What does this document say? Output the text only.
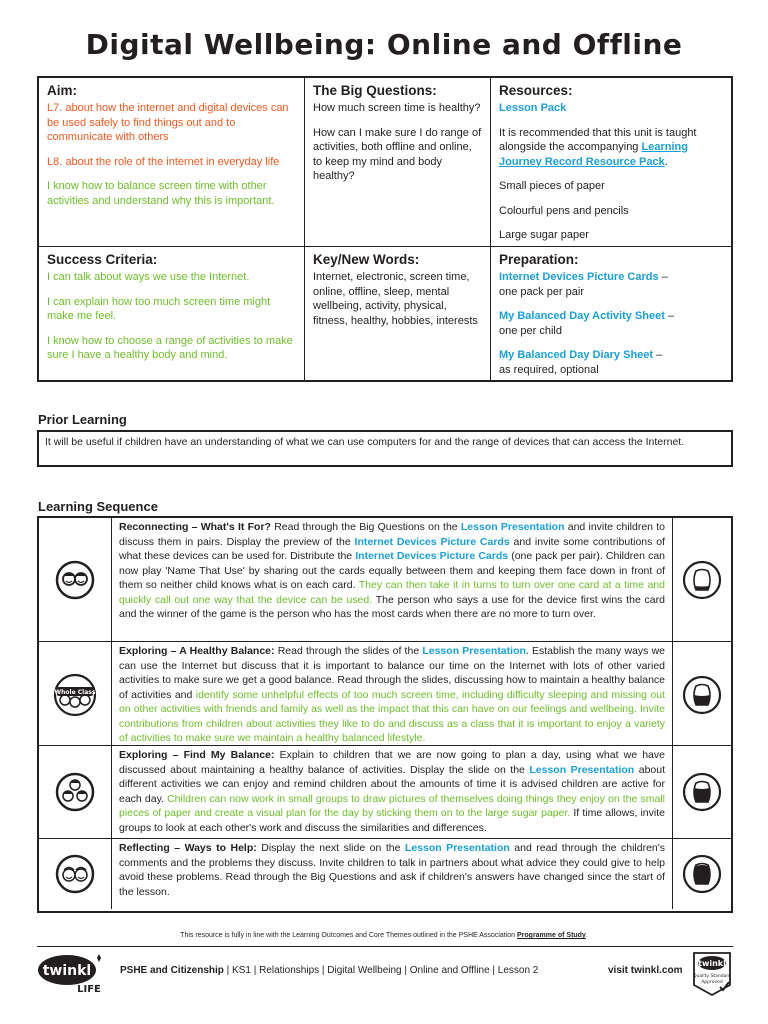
Digital Wellbeing: Online and Offline
Aim:

L7. about how the internet and digital devices can be used safely to find things out and to communicate with others

L8. about the role of the internet in everyday life

I know how to balance screen time with other activities and understand why this is important.

The Big Questions:

How much screen time is healthy?

How can I make sure I do range of activities, both offline and online, to keep my mind and body healthy?

Resources:

Lesson Pack

It is recommended that this unit is taught alongside the accompanying Learning Journey Record Resource Pack.

Small pieces of paper

Colourful pens and pencils

Large sugar paper

Success Criteria:

I can talk about ways we use the Internet.

I can explain how too much screen time might make me feel.

I know how to choose a range of activities to make sure I have a healthy body and mind.

Key/New Words:

Internet, electronic, screen time, online, offline, sleep, mental wellbeing, activity, physical, fitness, healthy, hobbies, interests

Preparation:

Internet Devices Picture Cards –
one pack per pair

My Balanced Day Activity Sheet –
one per child

My Balanced Day Diary Sheet –
as required, optional

Prior Learning
It will be useful if children have an understanding of what we can use computers for and the range of devices that can access the Internet.
Learning Sequence
Reconnecting – What's It For? Read through the Big Questions on the Lesson Presentation and invite children to discuss them in pairs. Display the preview of the Internet Devices Picture Cards and invite some contributions of what these devices can be used for. Distribute the Internet Devices Picture Cards (one pack per pair). Children can now play 'Name That Use' by sharing out the cards equally between them and keeping them face down in front of them so neither child knows what is on each card. They can then take it in turns to turn over one card at a time and quickly call out one way that the device can be used. The person who says a use for the device first wins the card and the winner of the game is the person who has the most cards when there are no more to turn over.
Whole Class
Exploring – A Healthy Balance: Read through the slides of the Lesson Presentation. Establish the many ways we can use the Internet but discuss that it is important to balance our time on the Internet with lots of other varied activities to make sure we get a good balance. Read through the slides, discussing how to maintain a healthy balance of activities and identify some unhelpful effects of too much screen time, including difficulty sleeping and missing out on other activities with friends and family as well as the impact that this can have on our feelings and wellbeing. Invite contributions from children about activities they like to do and discuss as a class that it is important to enjoy a variety of activities to make sure we maintain a healthy balanced lifestyle.
Exploring – Find My Balance: Explain to children that we are now going to plan a day, using what we have discussed about maintaining a healthy balance of activities. Display the slide on the Lesson Presentation about different activities we can enjoy and remind children about the amounts of time it is advised children are active for each day. Children can now work in small groups to draw pictures of themselves doing things they enjoy on the small pieces of paper and create a visual plan for the day by sticking them on to the large sugar paper. If time allows, invite groups to look at each other's work and discuss the similarities and differences.
Reflecting – Ways to Help: Display the next slide on the Lesson Presentation and read through the children's comments and the problems they discuss. Invite children to talk in partners about what advice they could give to help avoid these problems. Read through the Big Questions and ask if children's answers have changed since the start of the lesson.
This resource is fully in line with the Learning Outcomes and Core Themes outlined in the PSHE Association Programme of Study.
twinkl
LIFE
PSHE and Citizenship | KS1 | Relationships | Digital Wellbeing | Online and Offline | Lesson 2	visit twinkl.com
twinkl
Quality Standard
Approved
